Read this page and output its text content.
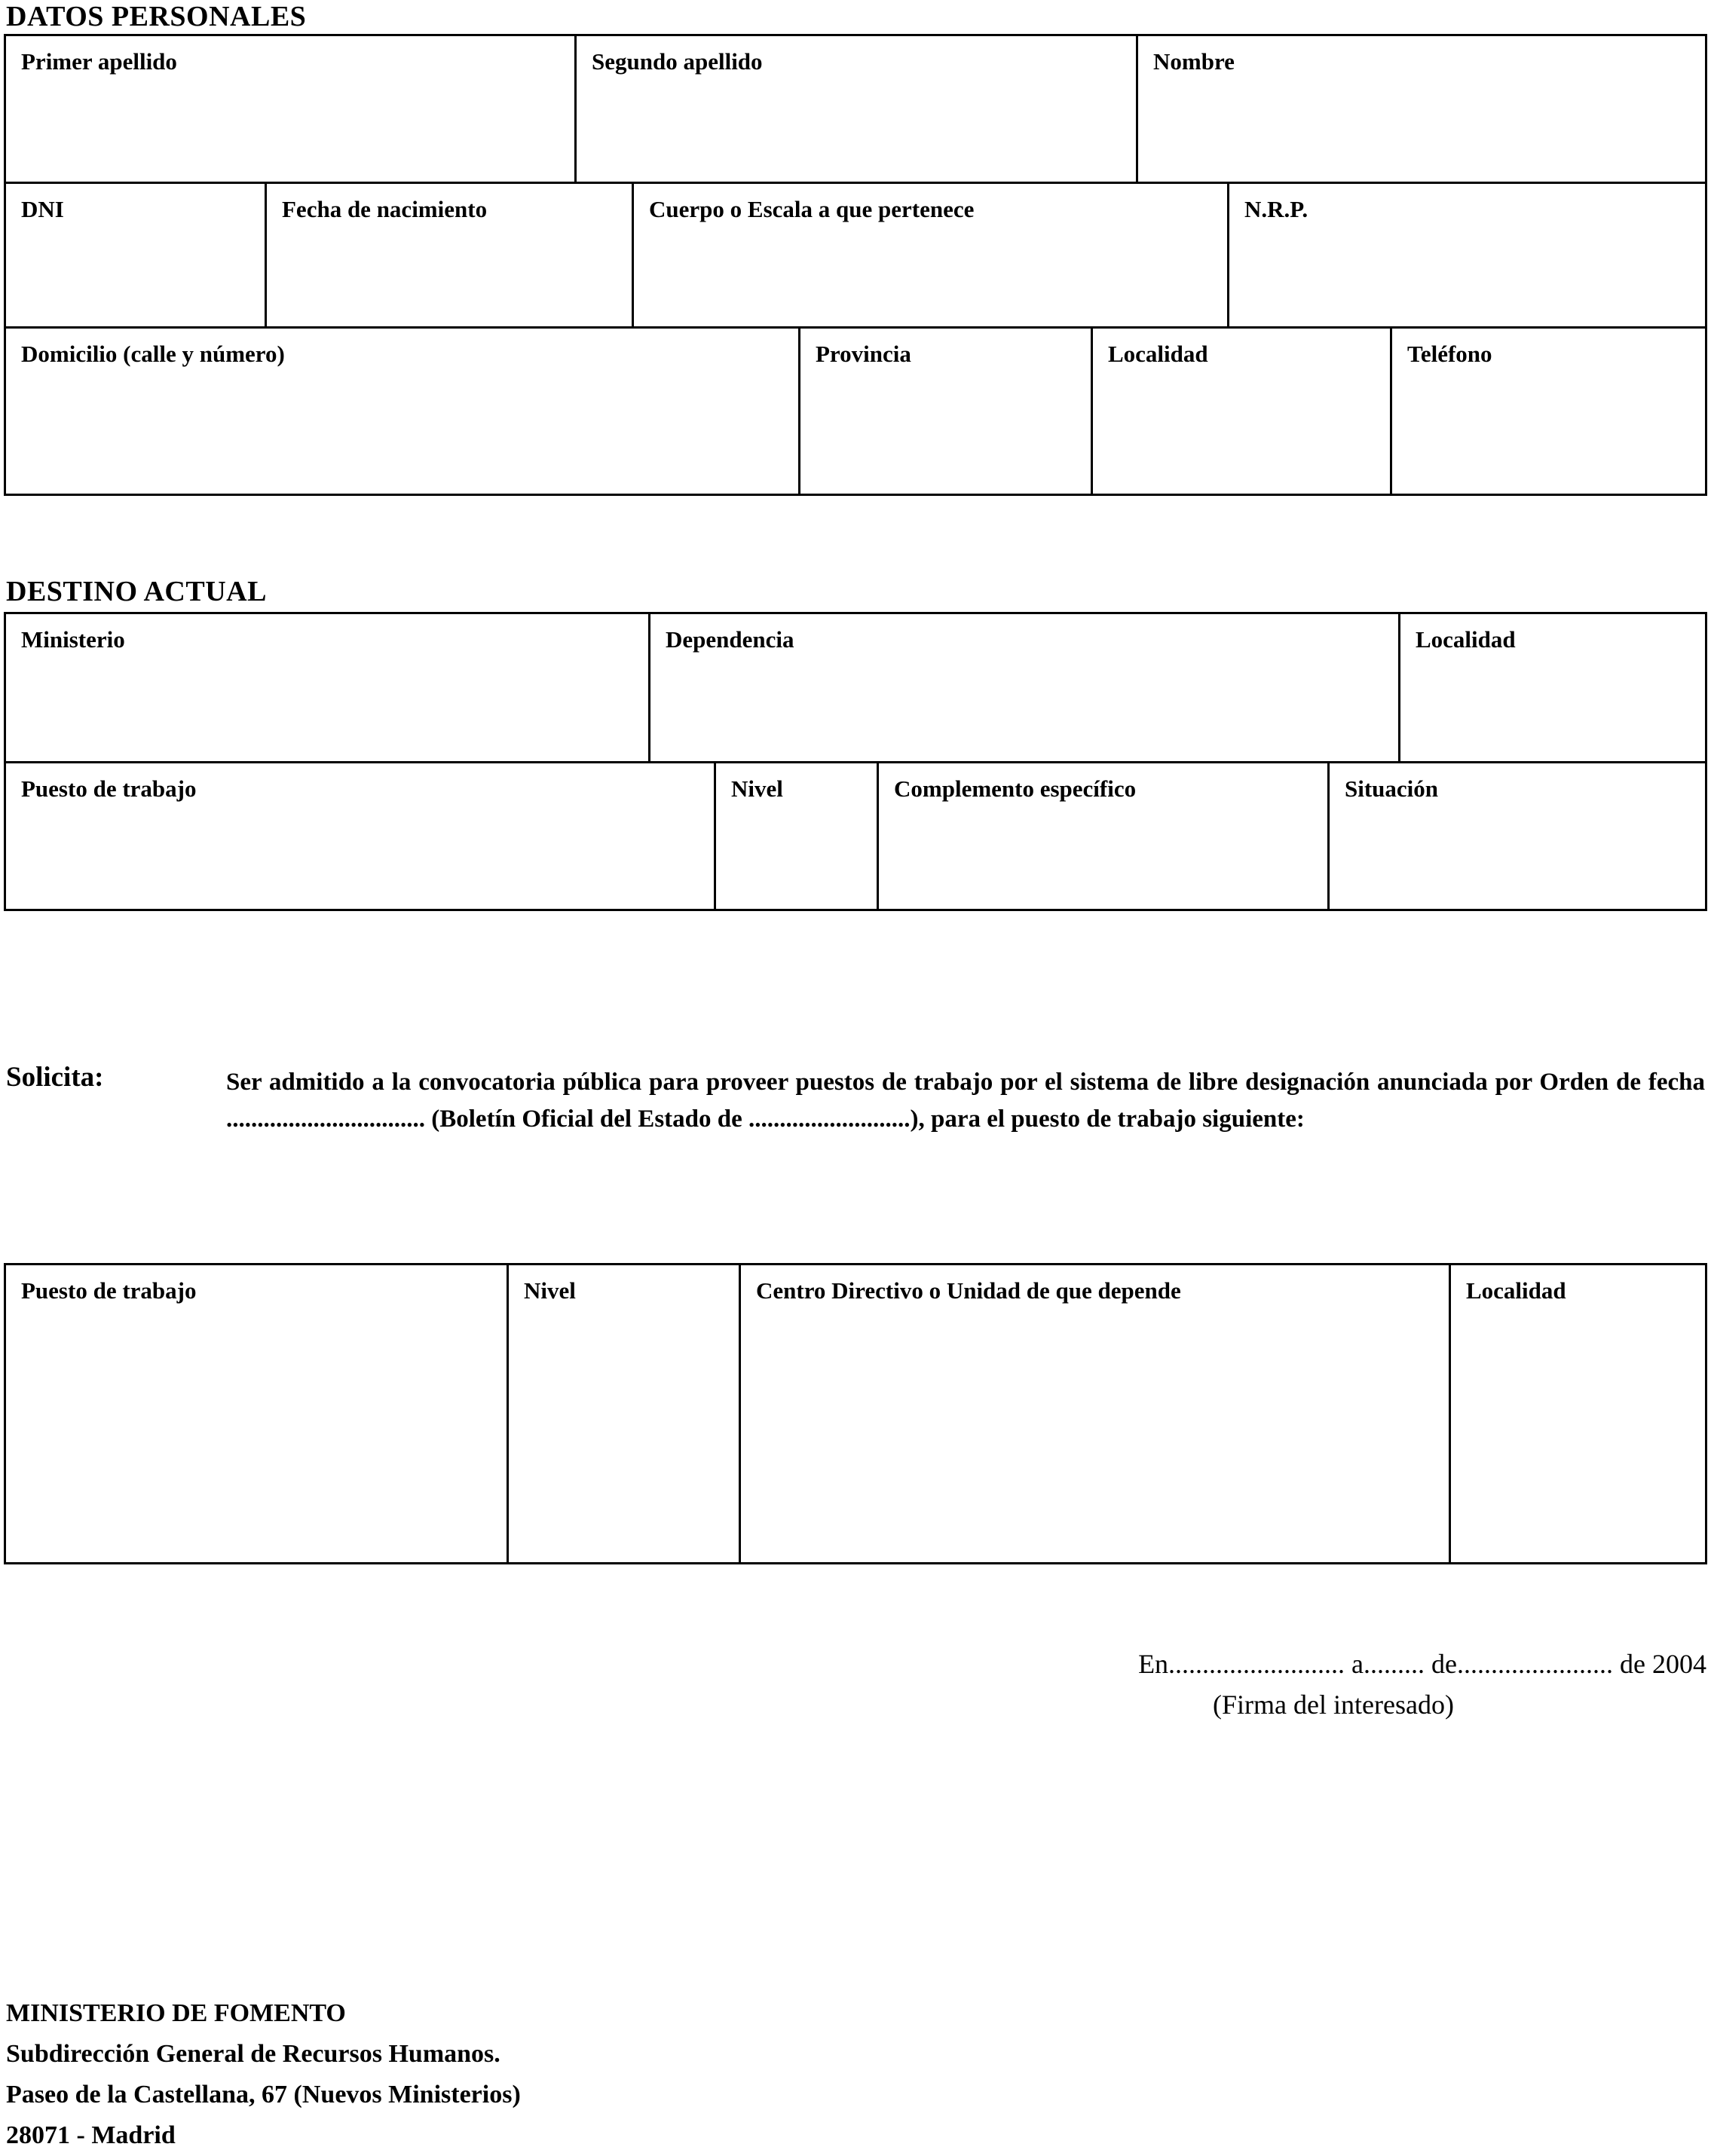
DATOS PERSONALES
Primer apellido	Segundo apellido	Nombre
DNI	Fecha de nacimiento	Cuerpo o Escala a que pertenece	N.R.P.
Domicilio (calle y número)	Provincia	Localidad	Teléfono
DESTINO ACTUAL
Ministerio	Dependencia	Localidad
Puesto de trabajo	Nivel	Complemento específico	Situación
Solicita:	Ser admitido a la convocatoria pública para proveer puestos de trabajo por el sistema de libre designación anunciada por Orden de fecha ................................ (Boletín Oficial del Estado de ..........................), para el puesto de trabajo siguiente:
Puesto de trabajo	Nivel	Centro Directivo o Unidad de que depende	Localidad
En.......................... a......... de....................... de 2004
(Firma del interesado)
MINISTERIO DE FOMENTO
Subdirección General de Recursos Humanos.
Paseo de la Castellana, 67 (Nuevos Ministerios)
28071 - Madrid
